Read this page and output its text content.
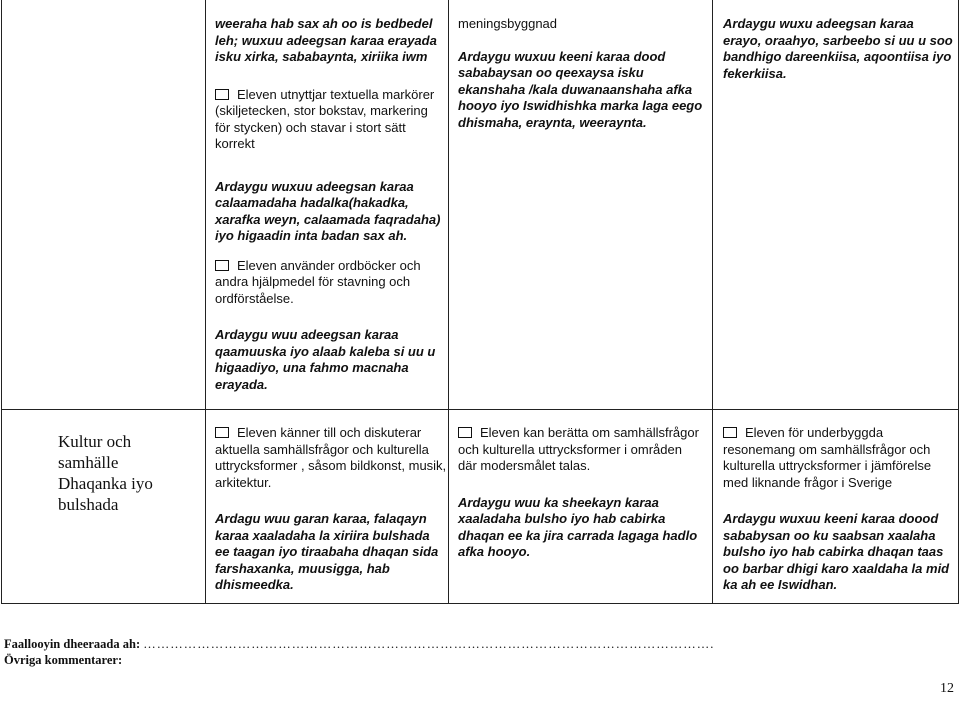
weeraha hab sax ah oo is bedbedel leh; wuxuu adeegsan karaa erayada isku xirka, sababaynta, xiriika iwm

Eleven utnyttjar textuella markörer (skiljetecken, stor bokstav, markering för stycken) och stavar i stort sätt korrekt

Ardaygu wuxuu adeegsan karaa calaamadaha hadalka(hakadka, xarafka weyn, calaamada faqradaha) iyo higaadin inta badan sax ah.

Eleven använder ordböcker och andra hjälpmedel för stavning och ordförståelse.

Ardaygu wuu adeegsan karaa qaamuuska iyo alaab kaleba si uu u higaadiyo, una fahmo macnaha erayada.

meningsbyggnad

Ardaygu wuxuu keeni karaa dood sababaysan oo qeexaysa isku ekanshaha /kala duwanaanshaha afka hooyo iyo Iswidhishka marka laga eego dhismaha, eraynta, weeraynta.

Ardaygu wuxu adeegsan karaa erayo, oraahyo, sarbeebo si uu u soo bandhigo dareenkiisa, aqoontiisa iyo fekerkiisa.

Kultur och samhälle Dhaqanka iyo bulshada

Eleven känner till och diskuterar aktuella samhällsfrågor och kulturella uttrycksformer , såsom bildkonst, musik, arkitektur.

Ardagu wuu garan karaa, falaqayn karaa xaaladaha la xiriira bulshada ee taagan iyo tiraabaha dhaqan sida farshaxanka, muusigga, hab dhismeedka.

Eleven kan berätta om samhällsfrågor och kulturella uttrycksformer i områden där modersmålet talas.

Ardaygu wuu ka sheekayn karaa xaaladaha bulsho iyo hab cabirka dhaqan ee ka jira carrada lagaga hadlo afka hooyo.

Eleven för underbyggda resonemang om samhällsfrågor och kulturella uttrycksformer i jämförelse med liknande frågor i Sverige

Ardaygu wuxuu keeni karaa doood sababysan oo ku saabsan xaalaha bulsho iyo hab cabirka dhaqan taas oo barbar dhigi karo xaaldaha la mid ka ah ee Iswidhan.

Faallooyin dheeraada ah: ……………………………………………………………………………………………………………….
Övriga kommentarer:
12
